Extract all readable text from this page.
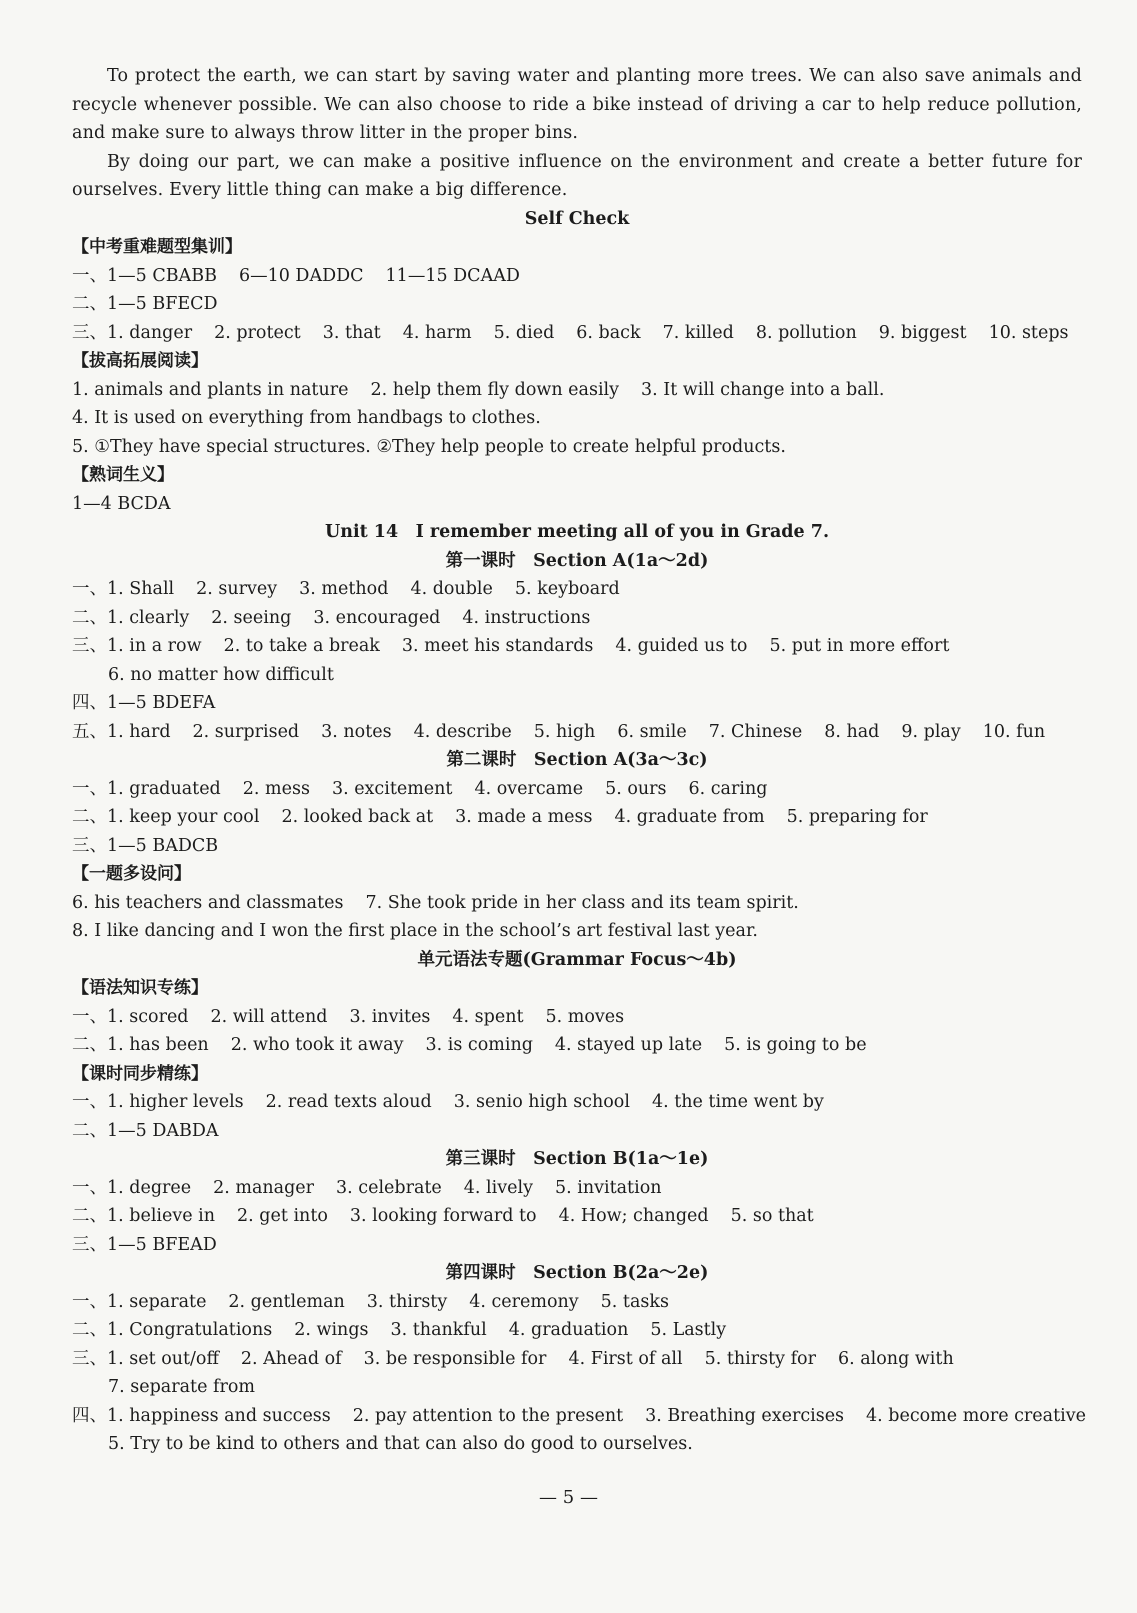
To protect the earth, we can start by saving water and planting more trees. We can also save animals and recycle whenever possible. We can also choose to ride a bike instead of driving a car to help reduce pollution, and make sure to always throw litter in the proper bins.

By doing our part, we can make a positive influence on the environment and create a better future for ourselves. Every little thing can make a big difference.

Self Check

【中考重难题型集训】

一、1—5 CBABB 6—10 DADDC 11—15 DCAAD

二、1—5 BFECD

三、1. danger 2. protect 3. that 4. harm 5. died 6. back 7. killed 8. pollution 9. biggest 10. steps

【拔高拓展阅读】

1. animals and plants in nature 2. help them fly down easily 3. It will change into a ball.

4. It is used on everything from handbags to clothes.

5. ①They have special structures. ②They help people to create helpful products.

【熟词生义】

1—4 BCDA

Unit 14　I remember meeting all of you in Grade 7.

第一课时　Section A(1a～2d)

一、1. Shall 2. survey 3. method 4. double 5. keyboard

二、1. clearly 2. seeing 3. encouraged 4. instructions

三、1. in a row 2. to take a break 3. meet his standards 4. guided us to 5. put in more effort

6. no matter how difficult

四、1—5 BDEFA

五、1. hard 2. surprised 3. notes 4. describe 5. high 6. smile 7. Chinese 8. had 9. play 10. fun

第二课时　Section A(3a～3c)

一、1. graduated 2. mess 3. excitement 4. overcame 5. ours 6. caring

二、1. keep your cool 2. looked back at 3. made a mess 4. graduate from 5. preparing for

三、1—5 BADCB

【一题多设问】

6. his teachers and classmates 7. She took pride in her class and its team spirit.

8. I like dancing and I won the first place in the school’s art festival last year.

单元语法专题(Grammar Focus～4b)

【语法知识专练】

一、1. scored 2. will attend 3. invites 4. spent 5. moves

二、1. has been 2. who took it away 3. is coming 4. stayed up late 5. is going to be

【课时同步精练】

一、1. higher levels 2. read texts aloud 3. senio high school 4. the time went by

二、1—5 DABDA

第三课时　Section B(1a～1e)

一、1. degree 2. manager 3. celebrate 4. lively 5. invitation

二、1. believe in 2. get into 3. looking forward to 4. How; changed 5. so that

三、1—5 BFEAD

第四课时　Section B(2a～2e)

一、1. separate 2. gentleman 3. thirsty 4. ceremony 5. tasks

二、1. Congratulations 2. wings 3. thankful 4. graduation 5. Lastly

三、1. set out/off 2. Ahead of 3. be responsible for 4. First of all 5. thirsty for 6. along with

7. separate from

四、1. happiness and success 2. pay attention to the present 3. Breathing exercises 4. become more creative

5. Try to be kind to others and that can also do good to ourselves.

— 5 —
